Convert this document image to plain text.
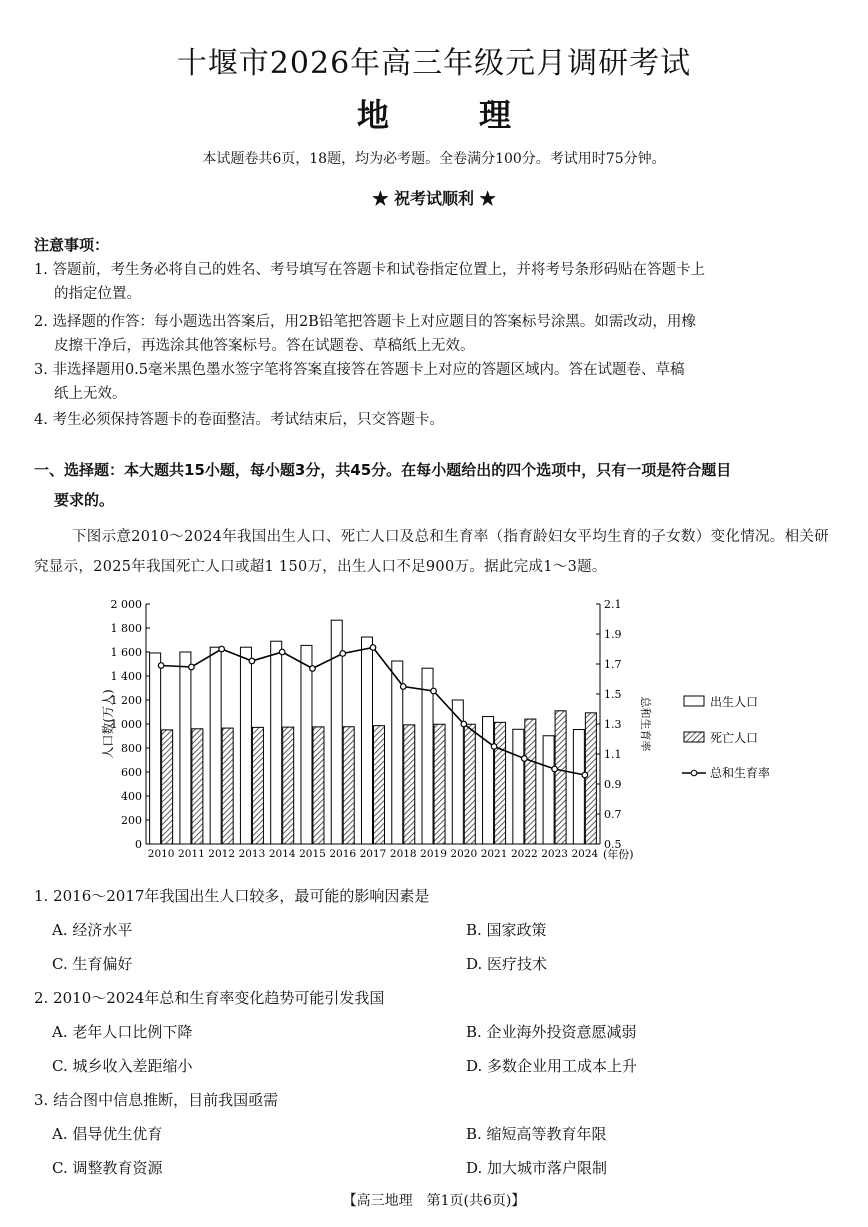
十堰市2026年高三年级元月调研考试
地	理
本试题卷共6页，18题，均为必考题。全卷满分100分。考试用时75分钟。
★ 祝考试顺利 ★
注意事项：
1. 答题前，考生务必将自己的姓名、考号填写在答题卡和试卷指定位置上，并将考号条形码贴在答题卡上
的指定位置。
2. 选择题的作答：每小题选出答案后，用2B铅笔把答题卡上对应题目的答案标号涂黑。如需改动，用橡
皮擦干净后，再选涂其他答案标号。答在试题卷、草稿纸上无效。
3. 非选择题用0.5毫米黑色墨水签字笔将答案直接答在答题卡上对应的答题区域内。答在试题卷、草稿
纸上无效。
4. 考生必须保持答题卡的卷面整洁。考试结束后，只交答题卡。
一、选择题：本大题共15小题，每小题3分，共45分。在每小题给出的四个选项中，只有一项是符合题目
要求的。
下图示意2010～2024年我国出生人口、死亡人口及总和生育率（指育龄妇女平均生育的子女数）变化情况。相关研究显示，2025年我国死亡人口或超1 150万，出生人口不足900万。据此完成1～3题。
0
200
400
600
800
1 000
1 200
1 400
1 600
1 800
2 000
0.5
0.7
0.9
1.1
1.3
1.5
1.7
1.9
2.1
人口数(万人)	总和生育率
(年份)
2010 2011 2012 2013 2014 2015 2016 2017 2018 2019 2020 2021 2022 2023 2024
出生人口
死亡人口
总和生育率
1. 2016～2017年我国出生人口较多，最可能的影响因素是
A. 经济水平	B. 国家政策
C. 生育偏好	D. 医疗技术
2. 2010～2024年总和生育率变化趋势可能引发我国
A. 老年人口比例下降	B. 企业海外投资意愿减弱
C. 城乡收入差距缩小	D. 多数企业用工成本上升
3. 结合图中信息推断，目前我国亟需
A. 倡导优生优育	B. 缩短高等教育年限
C. 调整教育资源	D. 加大城市落户限制
【高三地理　第1页(共6页)】
